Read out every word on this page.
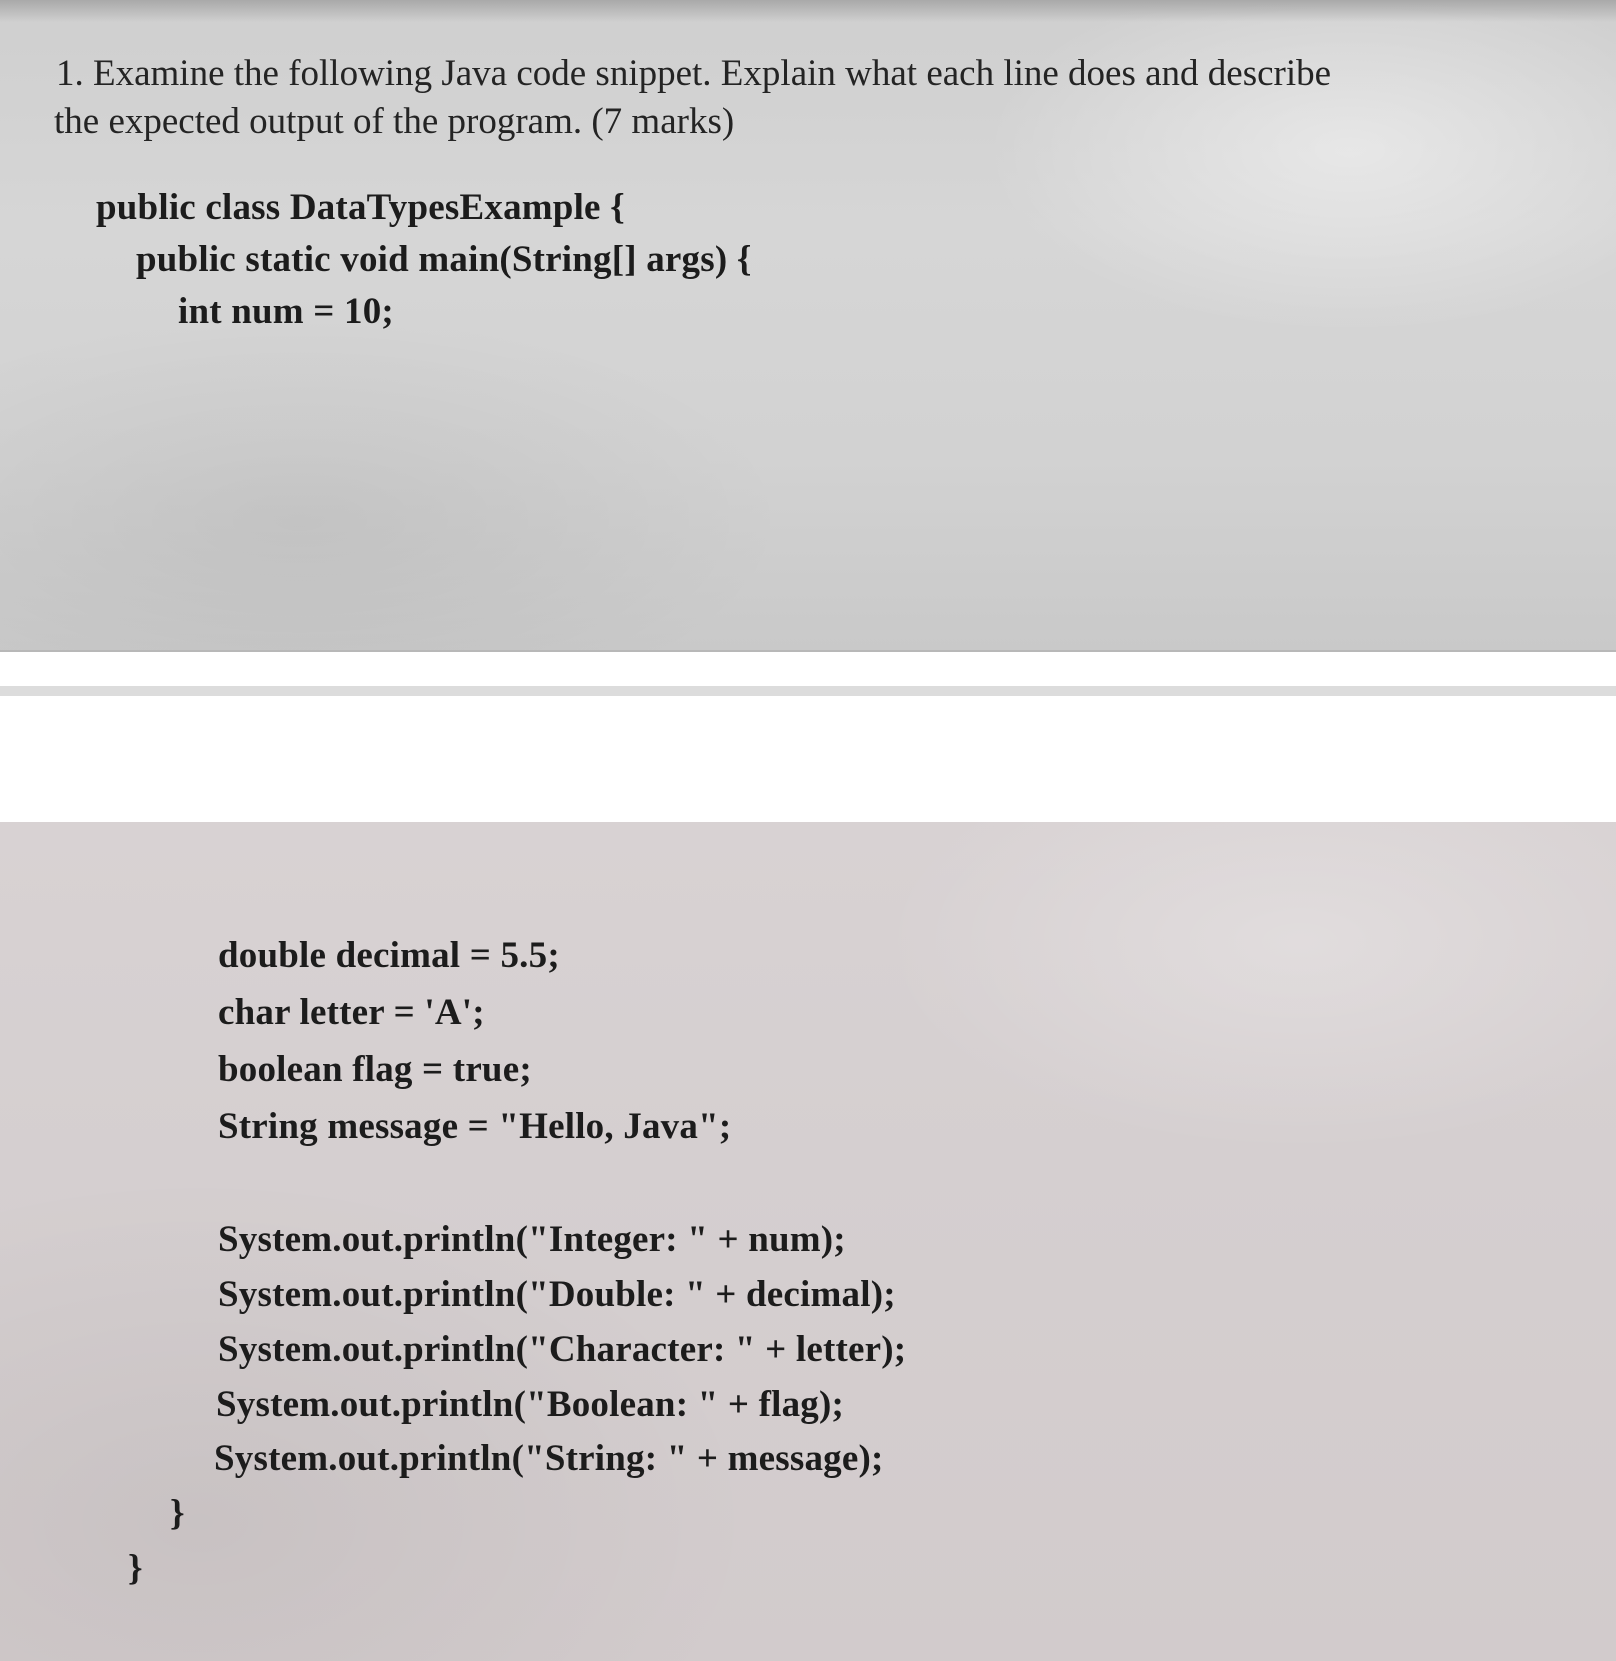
1. Examine the following Java code snippet. Explain what each line does and describe

the expected output of the program. (7 marks)

public class DataTypesExample {

public static void main(String[] args) {

int num = 10;

double decimal = 5.5;

char letter = 'A';

boolean flag = true;

String message = "Hello, Java";

System.out.println("Integer: " + num);

System.out.println("Double: " + decimal);

System.out.println("Character: " + letter);

System.out.println("Boolean: " + flag);

System.out.println("String: " + message);

}

}
